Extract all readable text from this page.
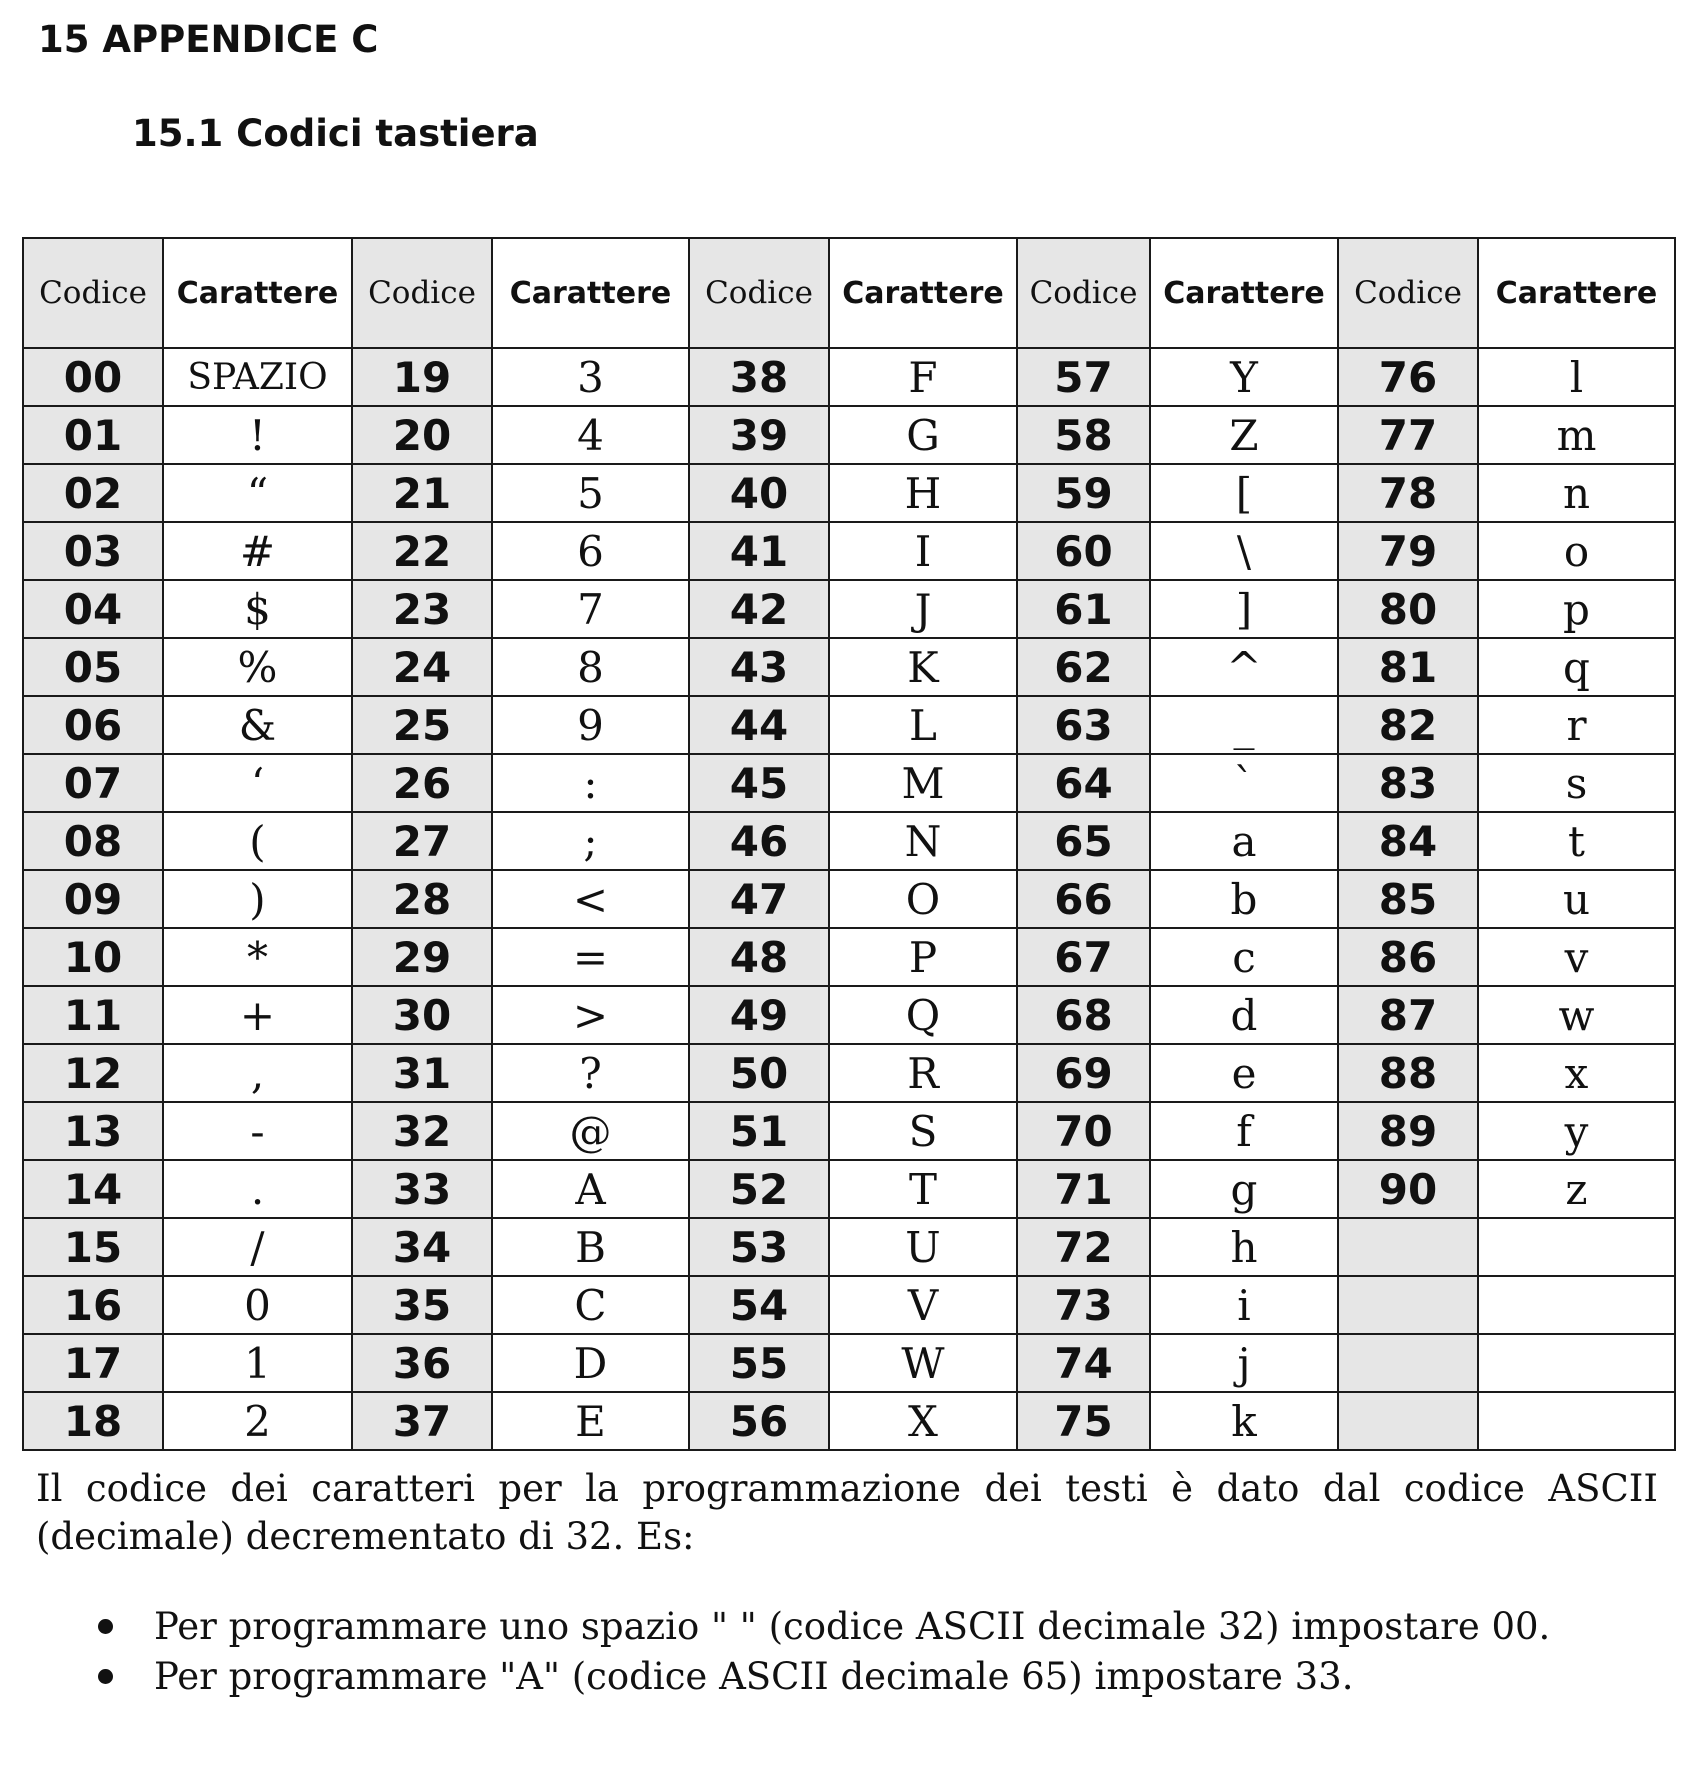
15 APPENDICE C
15.1 Codici tastiera
Codice	Carattere	Codice	Carattere	Codice	Carattere	Codice	Carattere	Codice	Carattere
00	SPAZIO	19	3	38	F	57	Y	76	l
01	!	20	4	39	G	58	Z	77	m
02	“	21	5	40	H	59	[	78	n
03	#	22	6	41	I	60	\	79	o
04	$	23	7	42	J	61	]	80	p
05	%	24	8	43	K	62	^	81	q
06	&	25	9	44	L	63	_	82	r
07	‘	26	:	45	M	64	`	83	s
08	(	27	;	46	N	65	a	84	t
09	)	28	<	47	O	66	b	85	u
10	*	29	=	48	P	67	c	86	v
11	+	30	>	49	Q	68	d	87	w
12	,	31	?	50	R	69	e	88	x
13	-	32	@	51	S	70	f	89	y
14	.	33	A	52	T	71	g	90	z
15	/	34	B	53	U	72	h		
16	0	35	C	54	V	73	i		
17	1	36	D	55	W	74	j		
18	2	37	E	56	X	75	k		

Il codice dei caratteri per la programmazione dei testi è dato dal codice ASCII (decimale) decrementato di 32. Es:

Per programmare uno spazio " " (codice ASCII decimale 32) impostare 00.
Per programmare "A" (codice ASCII decimale 65) impostare 33.
